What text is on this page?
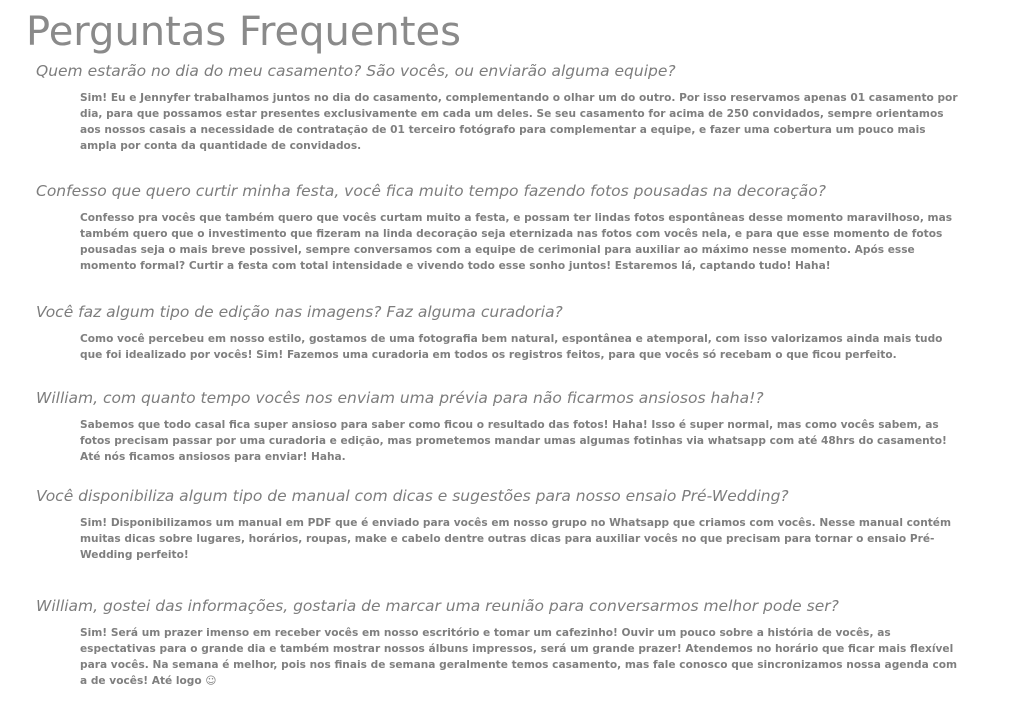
Perguntas Frequentes
Quem estarão no dia do meu casamento? São vocês, ou enviarão alguma equipe?

Sim! Eu e Jennyfer trabalhamos juntos no dia do casamento, complementando o olhar um do outro. Por isso reservamos apenas 01 casamento por dia, para que possamos estar presentes exclusivamente em cada um deles. Se seu casamento for acima de 250 convidados, sempre orientamos aos nossos casais a necessidade de contratação de 01 terceiro fotógrafo para complementar a equipe, e fazer uma cobertura um pouco mais ampla por conta da quantidade de convidados.

Confesso que quero curtir minha festa, você fica muito tempo fazendo fotos pousadas na decoração?

Confesso pra vocês que também quero que vocês curtam muito a festa, e possam ter lindas fotos espontâneas desse momento maravilhoso, mas também quero que o investimento que fizeram na linda decoração seja eternizada nas fotos com vocês nela, e para que esse momento de fotos pousadas seja o mais breve possivel, sempre conversamos com a equipe de cerimonial para auxiliar ao máximo nesse momento. Após esse momento formal? Curtir a festa com total intensidade e vivendo todo esse sonho juntos! Estaremos lá, captando tudo! Haha!

Você faz algum tipo de edição nas imagens? Faz alguma curadoria?

Como você percebeu em nosso estilo, gostamos de uma fotografia bem natural, espontânea e atemporal, com isso valorizamos ainda mais tudo que foi idealizado por vocês! Sim! Fazemos uma curadoria em todos os registros feitos, para que vocês só recebam o que ficou perfeito.

William, com quanto tempo vocês nos enviam uma prévia para não ficarmos ansiosos haha!?

Sabemos que todo casal fica super ansioso para saber como ficou o resultado das fotos! Haha! Isso é super normal, mas como vocês sabem, as fotos precisam passar por uma curadoria e edição, mas prometemos mandar umas algumas fotinhas via whatsapp com até 48hrs do casamento! Até nós ficamos ansiosos para enviar! Haha.

Você disponibiliza algum tipo de manual com dicas e sugestões para nosso ensaio Pré-Wedding?

Sim! Disponibilizamos um manual em PDF que é enviado para vocês em nosso grupo no Whatsapp que criamos com vocês. Nesse manual contém muitas dicas sobre lugares, horários, roupas, make e cabelo dentre outras dicas para auxiliar vocês no que precisam para tornar o ensaio Pré-Wedding perfeito!

William, gostei das informações, gostaria de marcar uma reunião para conversarmos melhor pode ser?

Sim! Será um prazer imenso em receber vocês em nosso escritório e tomar um cafezinho! Ouvir um pouco sobre a história de vocês, as espectativas para o grande dia e também mostrar nossos álbuns impressos, será um grande prazer! Atendemos no horário que ficar mais flexível para vocês. Na semana é melhor, pois nos finais de semana geralmente temos casamento, mas fale conosco que sincronizamos nossa agenda com a de vocês! Até logo ☺
